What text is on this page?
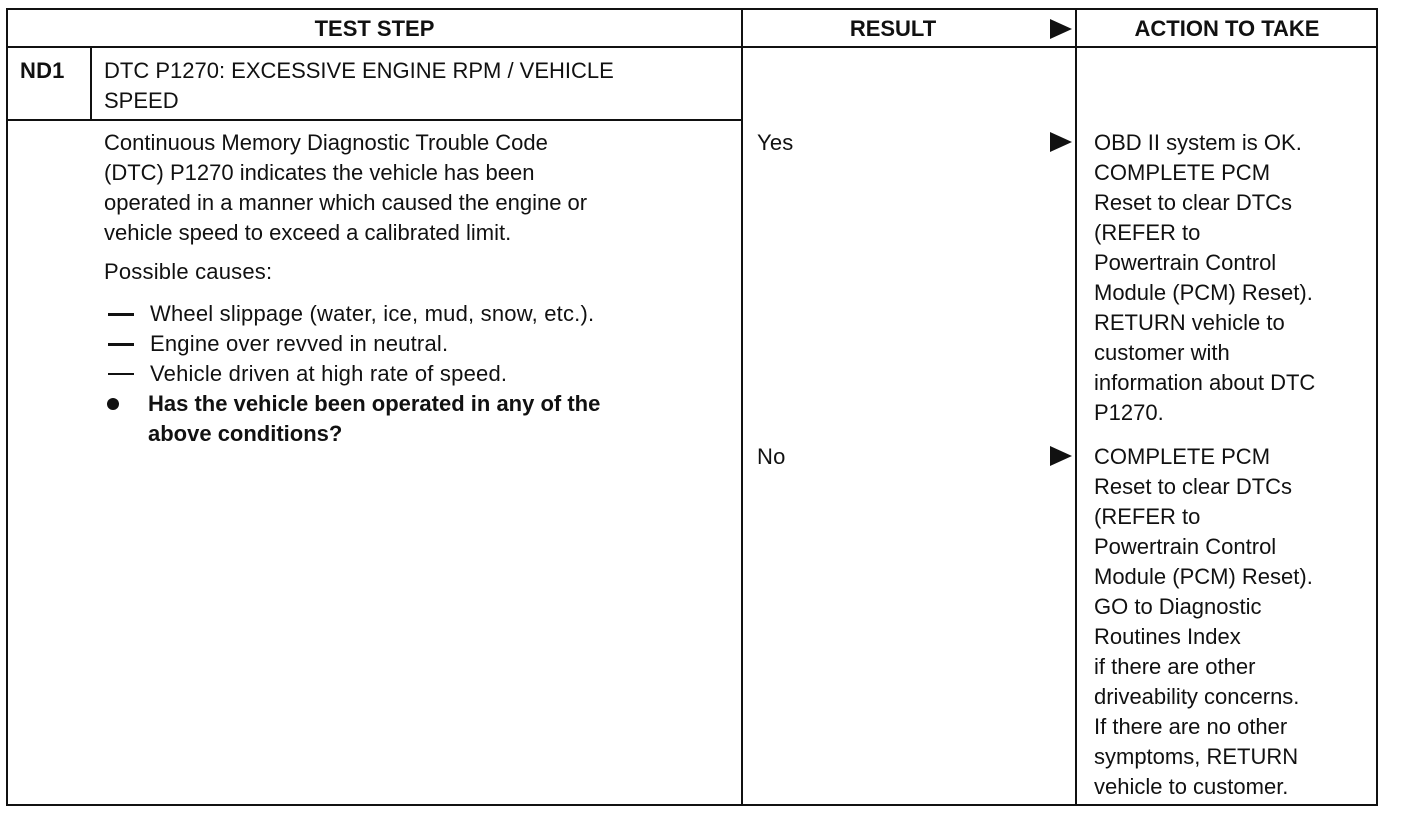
TEST STEP	RESULT	ACTION TO TAKE
ND1 DTC P1270: EXCESSIVE ENGINE RPM / VEHICLE
SPEED
Continuous Memory Diagnostic Trouble Code
(DTC) P1270 indicates the vehicle has been
operated in a manner which caused the engine or
vehicle speed to exceed a calibrated limit.
Possible causes:
Wheel slippage (water, ice, mud, snow, etc.).
Engine over revved in neutral.
Vehicle driven at high rate of speed.
Has the vehicle been operated in any of the
above conditions?
Yes	OBD II system is OK.
COMPLETE PCM
Reset to clear DTCs
(REFER to
Powertrain Control
Module (PCM) Reset).
RETURN vehicle to
customer with
information about DTC
P1270.
No	COMPLETE PCM
Reset to clear DTCs
(REFER to
Powertrain Control
Module (PCM) Reset).
GO to Diagnostic
Routines Index
if there are other
driveability concerns.
If there are no other
symptoms, RETURN
vehicle to customer.
